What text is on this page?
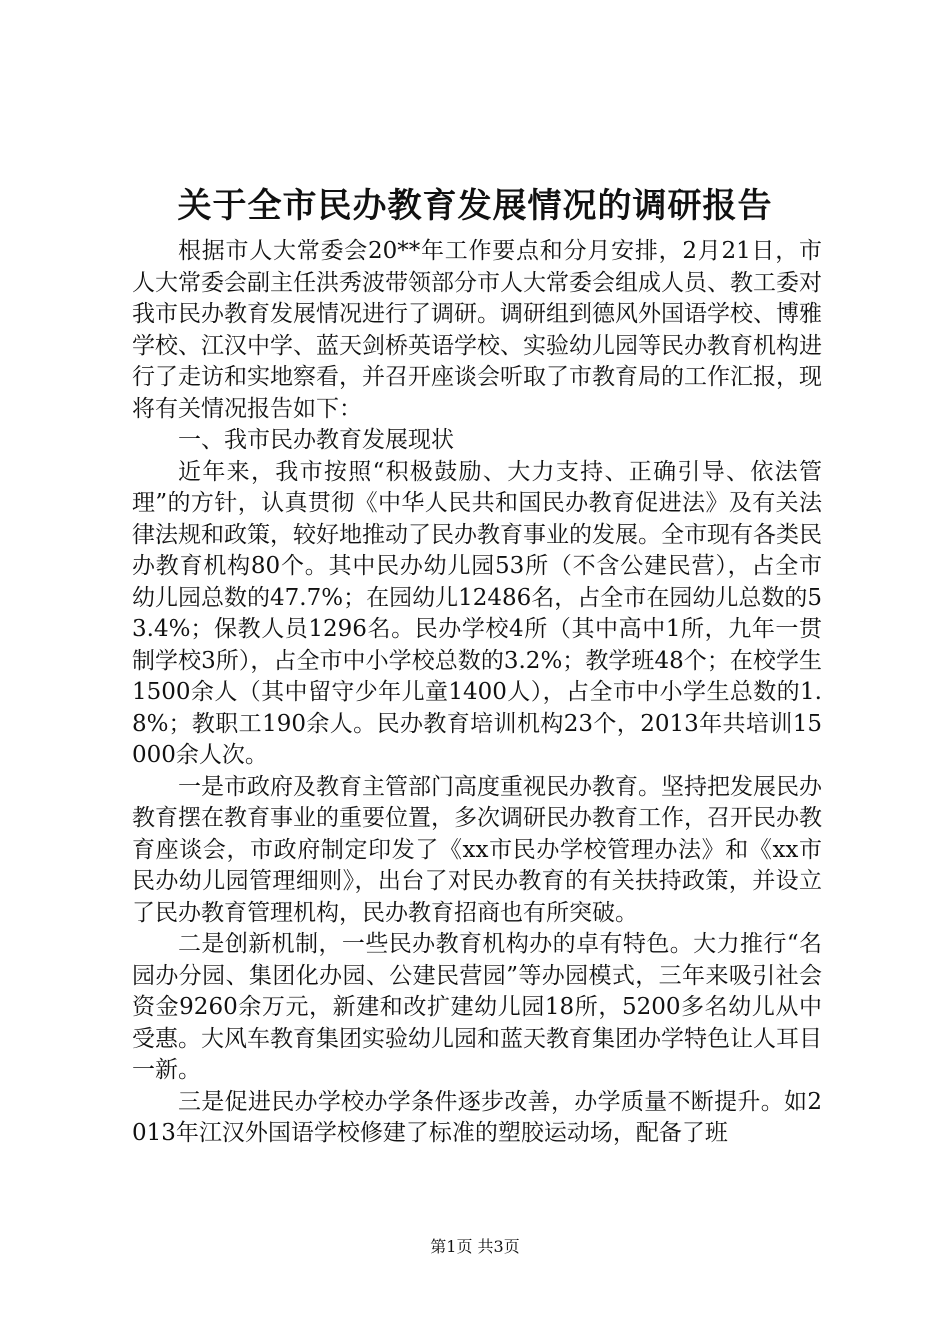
关于全市民办教育发展情况的调研报告

根据市人大常委会20**年工作要点和分月安排，2月21日，市人大常委会副主任洪秀波带领部分市人大常委会组成人员、教工委对我市民办教育发展情况进行了调研。调研组到德风外国语学校、博雅学校、江汉中学、蓝天剑桥英语学校、实验幼儿园等民办教育机构进行了走访和实地察看，并召开座谈会听取了市教育局的工作汇报，现将有关情况报告如下：

一、我市民办教育发展现状

近年来，我市按照“积极鼓励、大力支持、正确引导、依法管理”的方针，认真贯彻《中华人民共和国民办教育促进法》及有关法律法规和政策，较好地推动了民办教育事业的发展。全市现有各类民办教育机构80个。其中民办幼儿园53所（不含公建民营），占全市幼儿园总数的47.7%；在园幼儿12486名，占全市在园幼儿总数的53.4%；保教人员1296名。民办学校4所（其中高中1所，九年一贯制学校3所），占全市中小学校总数的3.2%；教学班48个；在校学生1500余人（其中留守少年儿童1400人），占全市中小学生总数的1.8%；教职工190余人。民办教育培训机构23个，2013年共培训15000余人次。

一是市政府及教育主管部门高度重视民办教育。坚持把发展民办教育摆在教育事业的重要位置，多次调研民办教育工作，召开民办教育座谈会，市政府制定印发了《xx市民办学校管理办法》和《xx市民办幼儿园管理细则》，出台了对民办教育的有关扶持政策，并设立了民办教育管理机构，民办教育招商也有所突破。

二是创新机制，一些民办教育机构办的卓有特色。大力推行“名园办分园、集团化办园、公建民营园”等办园模式，三年来吸引社会资金9260余万元，新建和改扩建幼儿园18所，5200多名幼儿从中受惠。大风车教育集团实验幼儿园和蓝天教育集团办学特色让人耳目一新。

三是促进民办学校办学条件逐步改善，办学质量不断提升。如2013年江汉外国语学校修建了标准的塑胶运动场，配备了班

第1页 共3页
